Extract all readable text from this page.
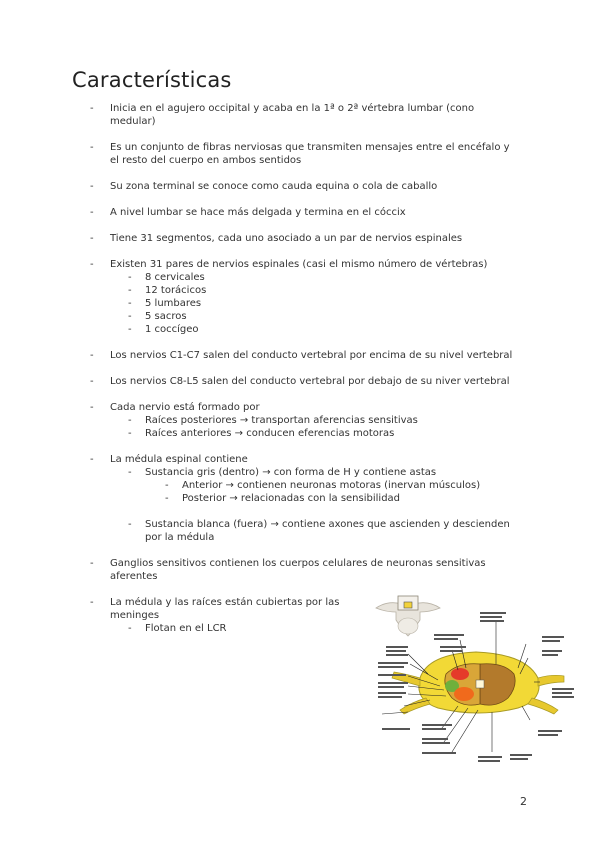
Características
- Inicia en el agujero occipital y acaba en la 1ª o 2ª vértebra lumbar (cono
medular)
- Es un conjunto de fibras nerviosas que transmiten mensajes entre el encéfalo y
el resto del cuerpo en ambos sentidos
- Su zona terminal se conoce como cauda equina o cola de caballo
- A nivel lumbar se hace más delgada y termina en el cóccix
- Tiene 31 segmentos, cada uno asociado a un par de nervios espinales
- Existen 31 pares de nervios espinales (casi el mismo número de vértebras)
- 8 cervicales
- 12 torácicos
- 5 lumbares
- 5 sacros
- 1 coccígeo
- Los nervios C1-C7 salen del conducto vertebral por encima de su nivel vertebral
- Los nervios C8-L5 salen del conducto vertebral por debajo de su niver vertebral
- Cada nervio está formado por
- Raíces posteriores → transportan aferencias sensitivas
- Raíces anteriores → conducen eferencias motoras
- La médula espinal contiene
- Sustancia gris (dentro) → con forma de H y contiene astas
- Anterior → contienen neuronas motoras (inervan músculos)
- Posterior → relacionadas con la sensibilidad
- Sustancia blanca (fuera) → contiene axones que ascienden y descienden
por la médula
- Ganglios sensitivos contienen los cuerpos celulares de neuronas sensitivas
aferentes
- La médula y las raíces están cubiertas por las
meninges
- Flotan en el LCR
2
